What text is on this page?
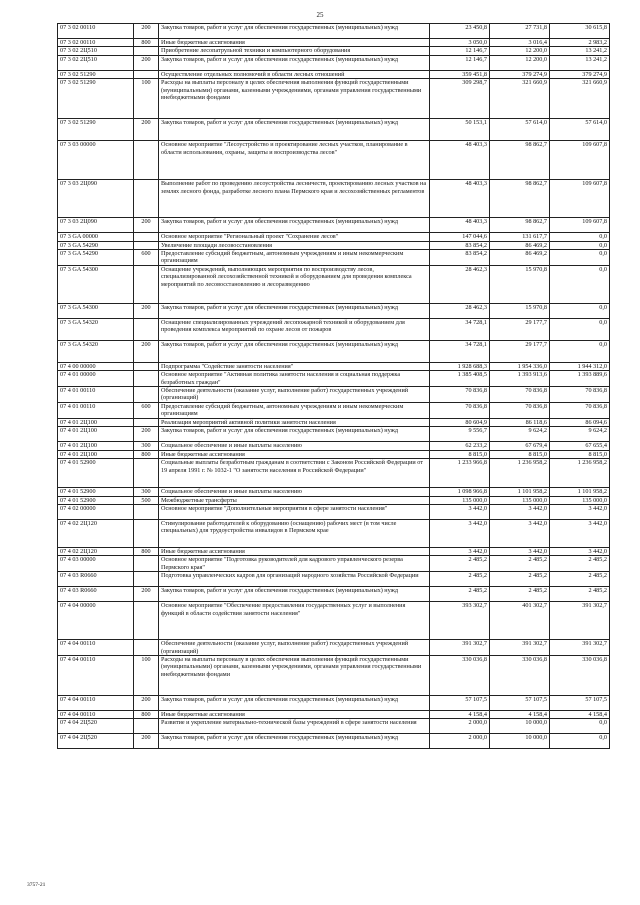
25
07 3 02 00110	200	Закупка товаров, работ и услуг для обеспечения государственных (муниципальных) нужд	23 450,8	27 731,8	30 615,8
07 3 02 00110	800	Иные бюджетные ассигнования	3 050,0	3 016,4	2 983,2
07 3 02 2Ц510		Приобретение лесопатрульной техники и компьютерного оборудования	12 146,7	12 200,0	13 241,2
07 3 02 2Ц510	200	Закупка товаров, работ и услуг для обеспечения государственных (муниципальных) нужд	12 146,7	12 200,0	13 241,2
07 3 02 51290		Осуществление отдельных полномочий в области лесных отношений	359 451,8	379 274,9	379 274,9
07 3 02 51290	100	Расходы на выплаты персоналу в целях обеспечения выполнения функций государственными (муниципальными) органами, казенными учреждениями, органами управления государственными внебюджетными фондами	309 298,7	321 660,9	321 660,9
07 3 02 51290	200	Закупка товаров, работ и услуг для обеспечения государственных (муниципальных) нужд	50 153,1	57 614,0	57 614,0
07 3 03 00000		Основное мероприятие "Лесоустройство и проектирование лесных участков, планирование в области использования, охраны, защиты и воспроизводства лесов"	48 403,3	98 862,7	109 607,8
07 3 03 2Ц090		Выполнение работ по проведению лесоустройства лесничеств, проектированию лесных участков на землях лесного фонда, разработке лесного плана Пермского края и лесохозяйственных регламентов	48 403,3	98 862,7	109 607,8
07 3 03 2Ц090	200	Закупка товаров, работ и услуг для обеспечения государственных (муниципальных) нужд	48 403,3	98 862,7	109 607,8
07 3 GA 00000		Основное мероприятие "Региональный проект "Сохранение лесов"	147 044,6	131 617,7	0,0
07 3 GA 54290		Увеличение площади лесовосстановления	83 854,2	86 469,2	0,0
07 3 GA 54290	600	Предоставление субсидий бюджетным, автономным учреждениям и иным некоммерческим организациям	83 854,2	86 469,2	0,0
07 3 GA 54300		Оснащение учреждений, выполняющих мероприятия по воспроизводству лесов, специализированной лесохозяйственной техникой и оборудованием для проведения комплекса мероприятий по лесовосстановлению и лесоразведению	28 462,3	15 970,8	0,0
07 3 GA 54300	200	Закупка товаров, работ и услуг для обеспечения государственных (муниципальных) нужд	28 462,3	15 970,8	0,0
07 3 GA 54320		Оснащение специализированных учреждений лесопожарной техникой и оборудованием для проведения комплекса мероприятий по охране лесов от пожаров	34 728,1	29 177,7	0,0
07 3 GA 54320	200	Закупка товаров, работ и услуг для обеспечения государственных (муниципальных) нужд	34 728,1	29 177,7	0,0
07 4 00 00000		Подпрограмма "Содействие занятости населения"	1 928 688,3	1 954 336,0	1 944 312,0
07 4 01 00000		Основное мероприятие "Активная политика занятости населения и социальная поддержка безработных граждан"	1 385 408,5	1 393 913,6	1 393 889,6
07 4 01 00110		Обеспечение деятельности (оказание услуг, выполнение работ) государственных учреждений (организаций)	70 836,8	70 836,8	70 836,8
07 4 01 00110	600	Предоставление субсидий бюджетным, автономным учреждениям и иным некоммерческим организациям	70 836,8	70 836,8	70 836,8
07 4 01 2Ц100		Реализация мероприятий активной политики занятости населения	80 604,9	86 118,6	86 094,6
07 4 01 2Ц100	200	Закупка товаров, работ и услуг для обеспечения государственных (муниципальных) нужд	9 556,7	9 624,2	9 624,2
07 4 01 2Ц100	300	Социальное обеспечение и иные выплаты населению	62 233,2	67 679,4	67 655,4
07 4 01 2Ц100	800	Иные бюджетные ассигнования	8 815,0	8 815,0	8 815,0
07 4 01 52900		Социальные выплаты безработным гражданам в соответствии с Законом Российской Федерации от 19 апреля 1991 г. № 1032-1 "О занятости населения в Российской Федерации"	1 233 966,8	1 236 958,2	1 236 958,2
07 4 01 52900	300	Социальное обеспечение и иные выплаты населению	1 098 966,8	1 101 958,2	1 101 958,2
07 4 01 52900	500	Межбюджетные трансферты	135 000,0	135 000,0	135 000,0
07 4 02 00000		Основное мероприятие "Дополнительные мероприятия в сфере занятости населения"	3 442,0	3 442,0	3 442,0
07 4 02 2Ц120		Стимулирование работодателей к оборудованию (оснащению) рабочих мест (в том числе специальных) для трудоустройства инвалидов в Пермском крае	3 442,0	3 442,0	3 442,0
07 4 02 2Ц120	800	Иные бюджетные ассигнования	3 442,0	3 442,0	3 442,0
07 4 03 00000		Основное мероприятие "Подготовка руководителей для кадрового управленческого резерва Пермского края"	2 485,2	2 485,2	2 485,2
07 4 03 R0660		Подготовка управленческих кадров для организаций народного хозяйства Российской Федерации	2 485,2	2 485,2	2 485,2
07 4 03 R0660	200	Закупка товаров, работ и услуг для обеспечения государственных (муниципальных) нужд	2 485,2	2 485,2	2 485,2
07 4 04 00000		Основное мероприятие "Обеспечение предоставления государственных услуг и выполнения функций в области содействия занятости населения"	393 302,7	401 302,7	391 302,7
07 4 04 00110		Обеспечение деятельности (оказание услуг, выполнение работ) государственных учреждений (организаций)	391 302,7	391 302,7	391 302,7
07 4 04 00110	100	Расходы на выплаты персоналу в целях обеспечения выполнения функций государственными (муниципальными) органами, казенными учреждениями, органами управления государственными внебюджетными фондами	330 036,8	330 036,8	330 036,8
07 4 04 00110	200	Закупка товаров, работ и услуг для обеспечения государственных (муниципальных) нужд	57 107,5	57 107,5	57 107,5
07 4 04 00110	800	Иные бюджетные ассигнования	4 158,4	4 158,4	4 158,4
07 4 04 2Ц520		Развитие и укрепление материально-технической базы учреждений в сфере занятости населения	2 000,0	10 000,0	0,0
07 4 04 2Ц520	200	Закупка товаров, работ и услуг для обеспечения государственных (муниципальных) нужд	2 000,0	10 000,0	0,0
3757-21
